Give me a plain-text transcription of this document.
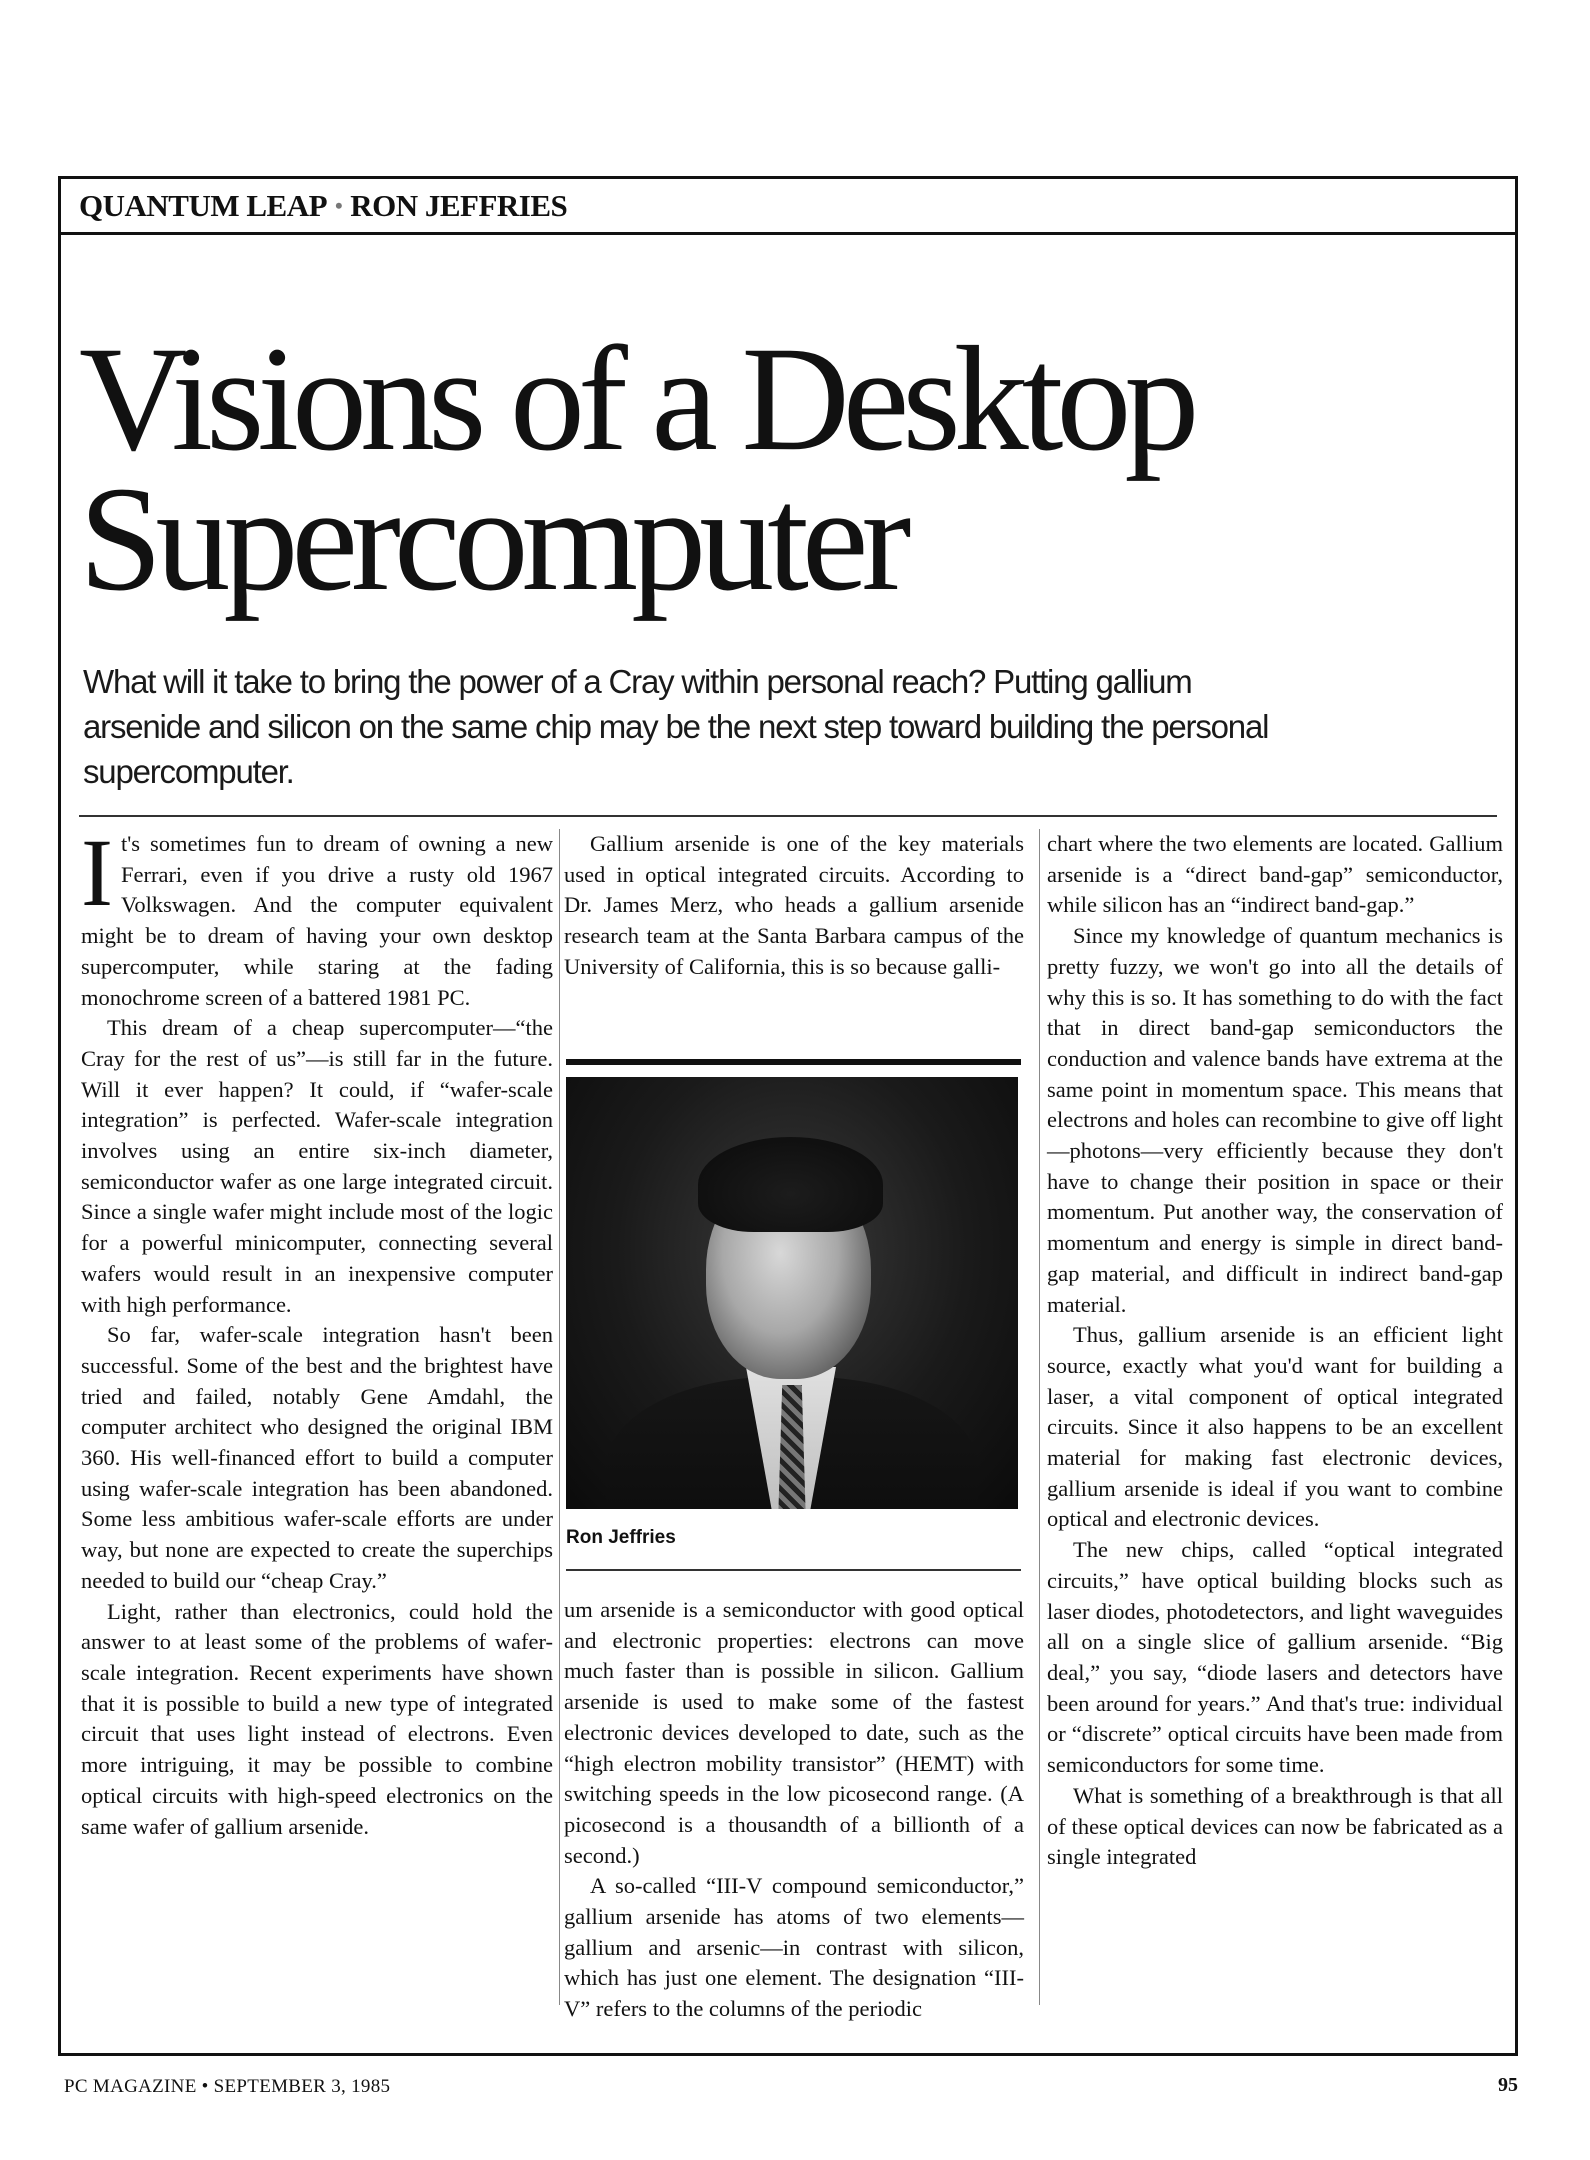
QUANTUM LEAP • RON JEFFRIES
Visions of a Desktop
Supercomputer
What will it take to bring the power of a Cray within personal reach? Putting gallium arsenide and silicon on the same chip may be the next step toward building the personal supercomputer.

It's sometimes fun to dream of owning a new Ferrari, even if you drive a rusty old 1967 Volkswagen. And the computer equivalent might be to dream of having your own desktop supercomputer, while staring at the fading monochrome screen of a battered 1981 PC.

This dream of a cheap supercomputer—“the Cray for the rest of us”—is still far in the future. Will it ever happen? It could, if “wafer-scale integration” is perfected. Wafer-scale integration involves using an entire six-inch diameter, semiconductor wafer as one large integrated circuit. Since a single wafer might include most of the logic for a powerful minicomputer, connecting several wafers would result in an inexpensive computer with high performance.

So far, wafer-scale integration hasn't been successful. Some of the best and the brightest have tried and failed, notably Gene Amdahl, the computer architect who designed the original IBM 360. His well-financed effort to build a computer using wafer-scale integration has been abandoned. Some less ambitious wafer-scale efforts are under way, but none are expected to create the superchips needed to build our “cheap Cray.”

Light, rather than electronics, could hold the answer to at least some of the problems of wafer-scale integration. Recent experiments have shown that it is possible to build a new type of integrated circuit that uses light instead of electrons. Even more intriguing, it may be possible to combine optical circuits with high-speed electronics on the same wafer of gallium arsenide.

Gallium arsenide is one of the key materials used in optical integrated circuits. According to Dr. James Merz, who heads a gallium arsenide research team at the Santa Barbara campus of the University of California, this is so because galli-

Ron Jeffries

um arsenide is a semiconductor with good optical and electronic properties: electrons can move much faster than is possible in silicon. Gallium arsenide is used to make some of the fastest electronic devices developed to date, such as the “high electron mobility transistor” (HEMT) with switching speeds in the low picosecond range. (A picosecond is a thousandth of a billionth of a second.)

A so-called “III-V compound semiconductor,” gallium arsenide has atoms of two elements—gallium and arsenic—in contrast with silicon, which has just one element. The designation “III-V” refers to the columns of the periodic

chart where the two elements are located. Gallium arsenide is a “direct band-gap” semiconductor, while silicon has an “indirect band-gap.”

Since my knowledge of quantum mechanics is pretty fuzzy, we won't go into all the details of why this is so. It has something to do with the fact that in direct band-gap semiconductors the conduction and valence bands have extrema at the same point in momentum space. This means that electrons and holes can recombine to give off light—photons—very efficiently because they don't have to change their position in space or their momentum. Put another way, the conservation of momentum and energy is simple in direct band-gap material, and difficult in indirect band-gap material.

Thus, gallium arsenide is an efficient light source, exactly what you'd want for building a laser, a vital component of optical integrated circuits. Since it also happens to be an excellent material for making fast electronic devices, gallium arsenide is ideal if you want to combine optical and electronic devices.

The new chips, called “optical integrated circuits,” have optical building blocks such as laser diodes, photodetectors, and light waveguides all on a single slice of gallium arsenide. “Big deal,” you say, “diode lasers and detectors have been around for years.” And that's true: individual or “discrete” optical circuits have been made from semiconductors for some time.

What is something of a breakthrough is that all of these optical devices can now be fabricated as a single integrated

PC MAGAZINE • SEPTEMBER 3, 1985	95
